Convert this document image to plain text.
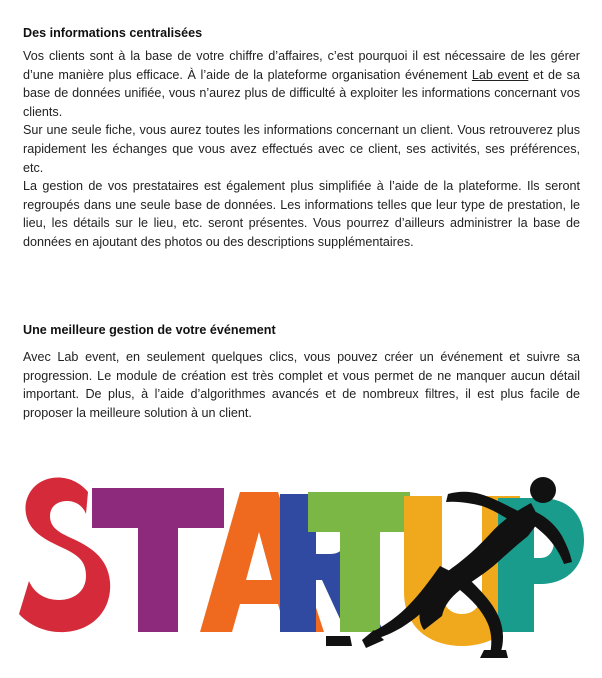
Des informations centralisées

Vos clients sont à la base de votre chiffre d’affaires, c’est pourquoi il est nécessaire de les gérer d’une manière plus efficace. À l’aide de la plateforme organisation événement Lab event et de sa base de données unifiée, vous n’aurez plus de difficulté à exploiter les informations concernant vos clients.

Sur une seule fiche, vous aurez toutes les informations concernant un client. Vous retrouverez plus rapidement les échanges que vous avez effectués avec ce client, ses activités, ses préférences, etc.

La gestion de vos prestataires est également plus simplifiée à l’aide de la plateforme. Ils seront regroupés dans une seule base de données. Les informations telles que leur type de prestation, le lieu, les détails sur le lieu, etc. seront présentes. Vous pourrez d’ailleurs administrer la base de données en ajoutant des photos ou des descriptions supplémentaires.

Une meilleure gestion de votre événement

Avec Lab event, en seulement quelques clics, vous pouvez créer un événement et suivre sa progression. Le module de création est très complet et vous permet de ne manquer aucun détail important. De plus, à l’aide d’algorithmes avancés et de nombreux filtres, il est plus facile de proposer la meilleure solution à un client.
